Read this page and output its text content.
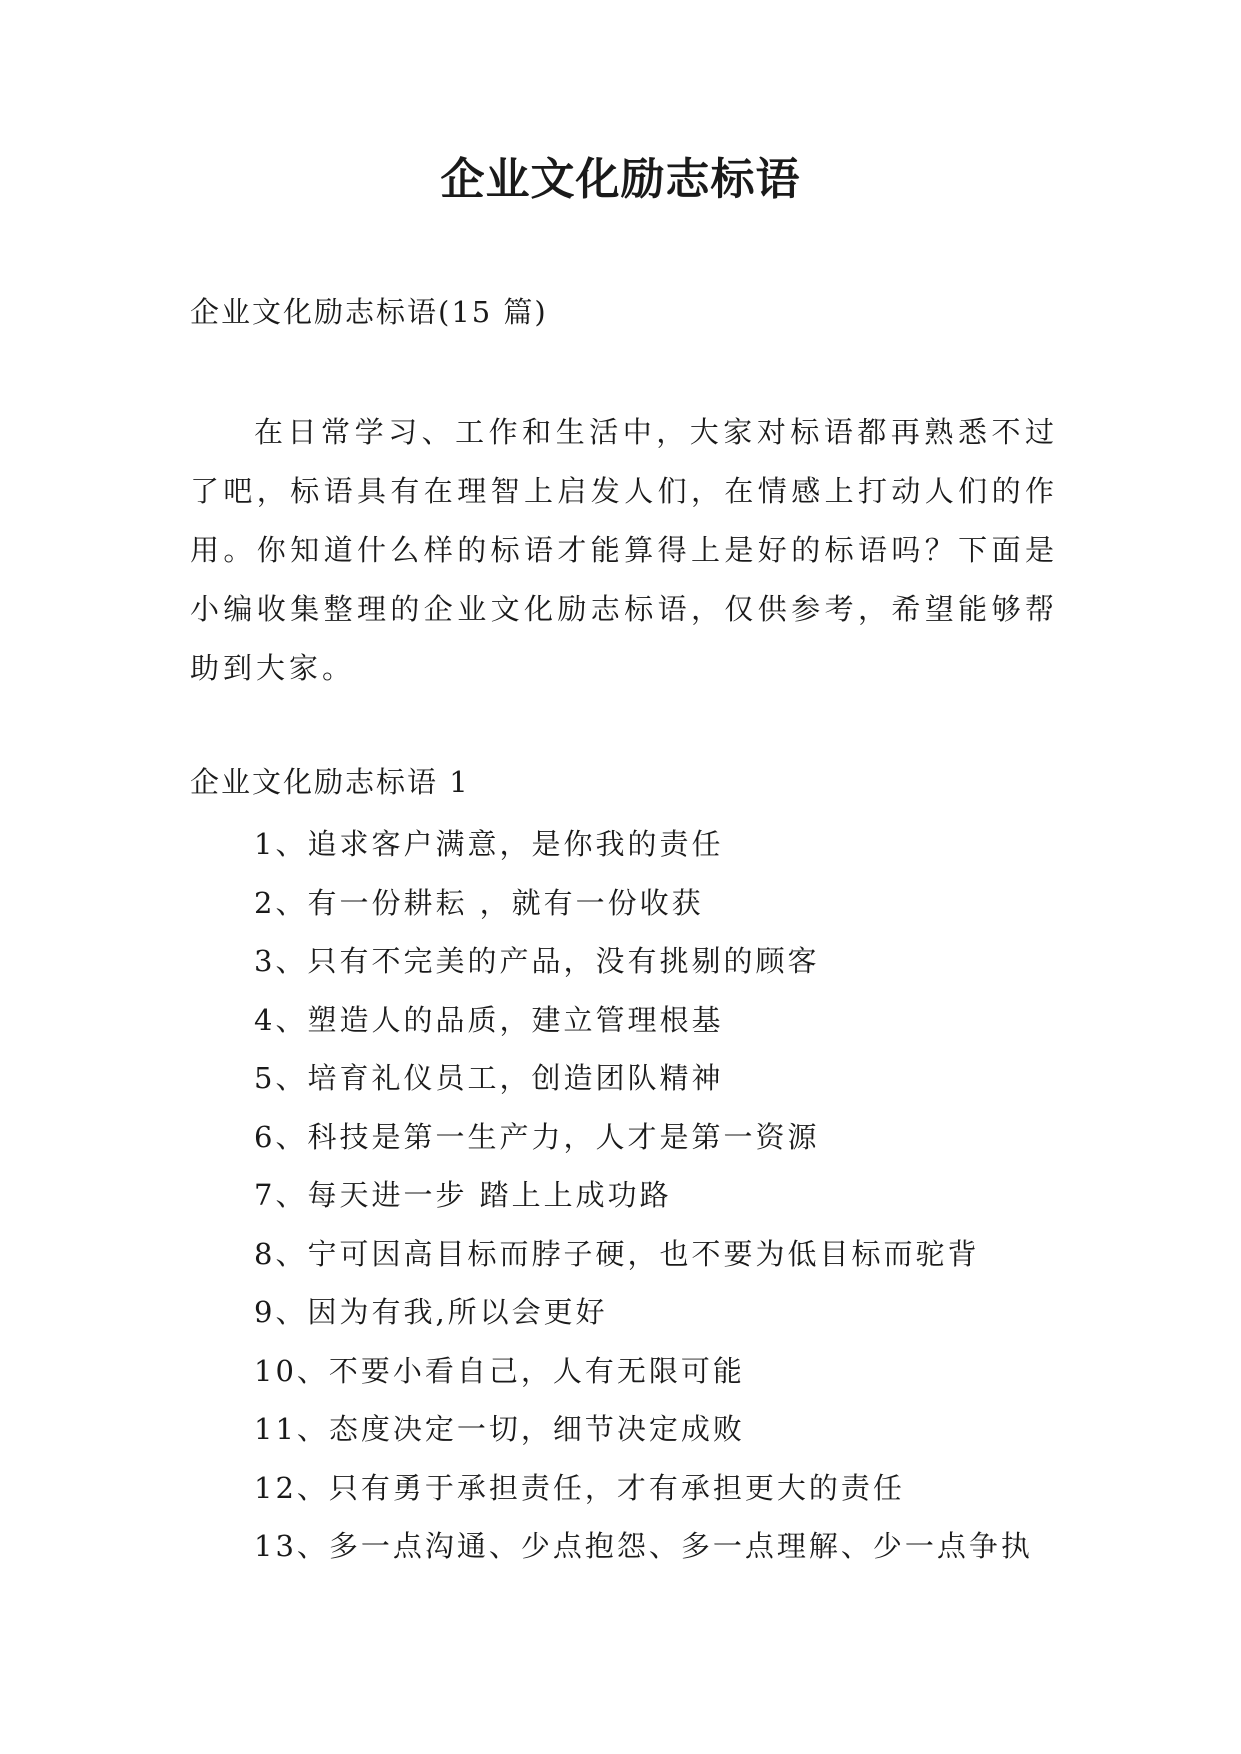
企业文化励志标语

企业文化励志标语(15 篇)

在日常学习、工作和生活中，大家对标语都再熟悉不过了吧，标语具有在理智上启发人们，在情感上打动人们的作用。你知道什么样的标语才能算得上是好的标语吗？下面是小编收集整理的企业文化励志标语，仅供参考，希望能够帮助到大家。

企业文化励志标语 1

1、追求客户满意，是你我的责任
2、有一份耕耘 ，就有一份收获
3、只有不完美的产品，没有挑剔的顾客
4、塑造人的品质，建立管理根基
5、培育礼仪员工，创造团队精神
6、科技是第一生产力，人才是第一资源
7、每天进一步 踏上上成功路
8、宁可因高目标而脖子硬，也不要为低目标而驼背
9、因为有我,所以会更好
10、不要小看自己，人有无限可能
11、态度决定一切，细节决定成败
12、只有勇于承担责任，才有承担更大的责任
13、多一点沟通、少点抱怨、多一点理解、少一点争执
